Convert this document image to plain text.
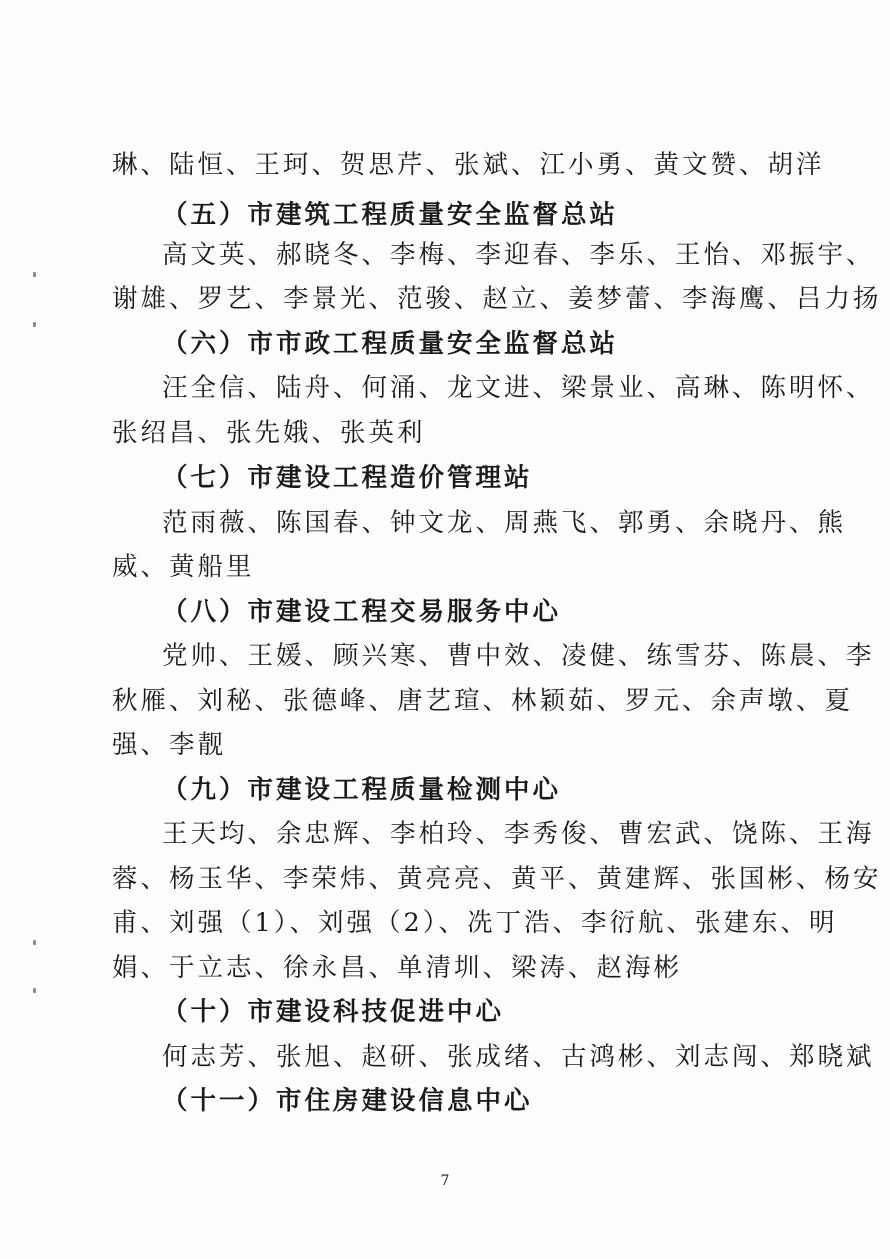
琳、陆恒、王珂、贺思芹、张斌、江小勇、黄文赞、胡洋
（五）市建筑工程质量安全监督总站
高文英、郝晓冬、李梅、李迎春、李乐、王怡、邓振宇、
谢雄、罗艺、李景光、范骏、赵立、姜梦蕾、李海鹰、吕力扬
（六）市市政工程质量安全监督总站
汪全信、陆舟、何涌、龙文进、梁景业、高琳、陈明怀、
张绍昌、张先娥、张英利
（七）市建设工程造价管理站
范雨薇、陈国春、钟文龙、周燕飞、郭勇、余晓丹、熊
威、黄船里
（八）市建设工程交易服务中心
党帅、王媛、顾兴寒、曹中效、凌健、练雪芬、陈晨、李
秋雁、刘秘、张德峰、唐艺瑄、林颖茹、罗元、余声墩、夏
强、李靓
（九）市建设工程质量检测中心
王天均、余忠辉、李柏玲、李秀俊、曹宏武、饶陈、王海
蓉、杨玉华、李荣炜、黄亮亮、黄平、黄建辉、张国彬、杨安
甫、刘强（1）、刘强（2）、冼丁浩、李衍航、张建东、明
娟、于立志、徐永昌、单清圳、梁涛、赵海彬
（十）市建设科技促进中心
何志芳、张旭、赵研、张成绪、古鸿彬、刘志闯、郑晓斌
（十一）市住房建设信息中心
7
